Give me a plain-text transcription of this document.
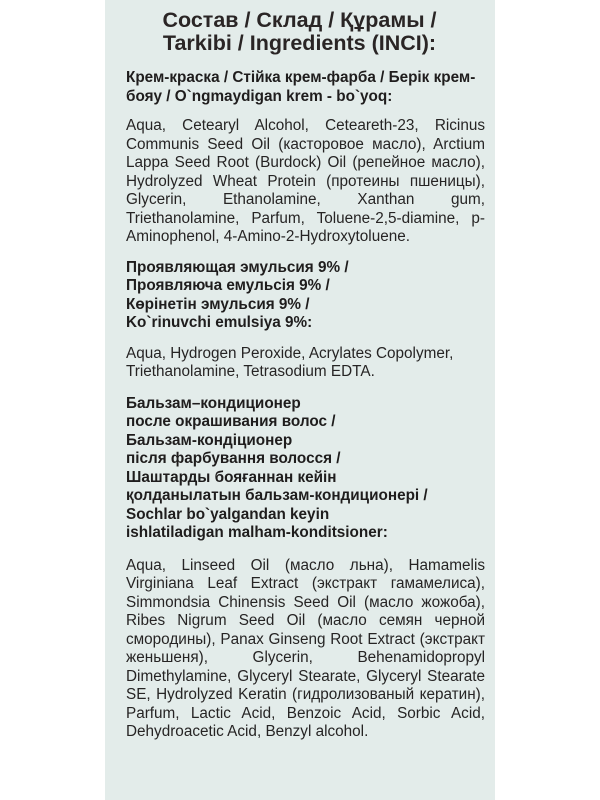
Состав / Склад / Құрамы /
Tarkibi / Ingredients (INCI):

Крем-краска / Стійка крем-фарба / Берік крем-бояу / O`ngmaydigan krem - bo`yoq:

Aqua, Cetearyl Alcohol, Ceteareth-23, Ricinus Communis Seed Oil (касторовое масло), Arctium Lappa Seed Root (Burdock) Oil (репейное масло), Hydrolyzed Wheat Protein (протеины пшеницы), Glycerin, Ethanolamine, Xanthan gum, Triethanolamine, Parfum, Toluene-2,5-diamine, p-Aminophenol, 4-Amino-2-Hydroxytoluene.

Проявляющая эмульсия 9% /
Проявляюча емульсія 9% /
Көрінетін эмульсия 9% /
Ko`rinuvchi emulsiya 9%:

Aqua, Hydrogen Peroxide, Acrylates Copolymer, Triethanolamine, Tetrasodium EDTA.

Бальзам–кондиционер
после окрашивания волос /
Бальзам-кондіционер
після фарбування волосся /
Шаштарды бояғаннан кейін
қолданылатын бальзам-кондиционері /
Sochlar bo`yalgandan keyin
ishlatiladigan malham-konditsioner:

Aqua, Linseed Oil (масло льна), Hamamelis Virginiana Leaf Extract (экстракт гамамелиса), Simmondsia Chinensis Seed Oil (масло жожоба), Ribes Nigrum Seed Oil (масло семян черной смородины), Panax Ginseng Root Extract (экстракт женьшеня), Glycerin, Behenamidopropyl Dimethylamine, Glyceryl Stearate, Glyceryl Stearate SE, Hydrolyzed Keratin (гидролизованый кератин), Parfum, Lactic Acid, Benzoic Acid, Sorbic Acid, Dehydroacetic Acid, Benzyl alcohol.
